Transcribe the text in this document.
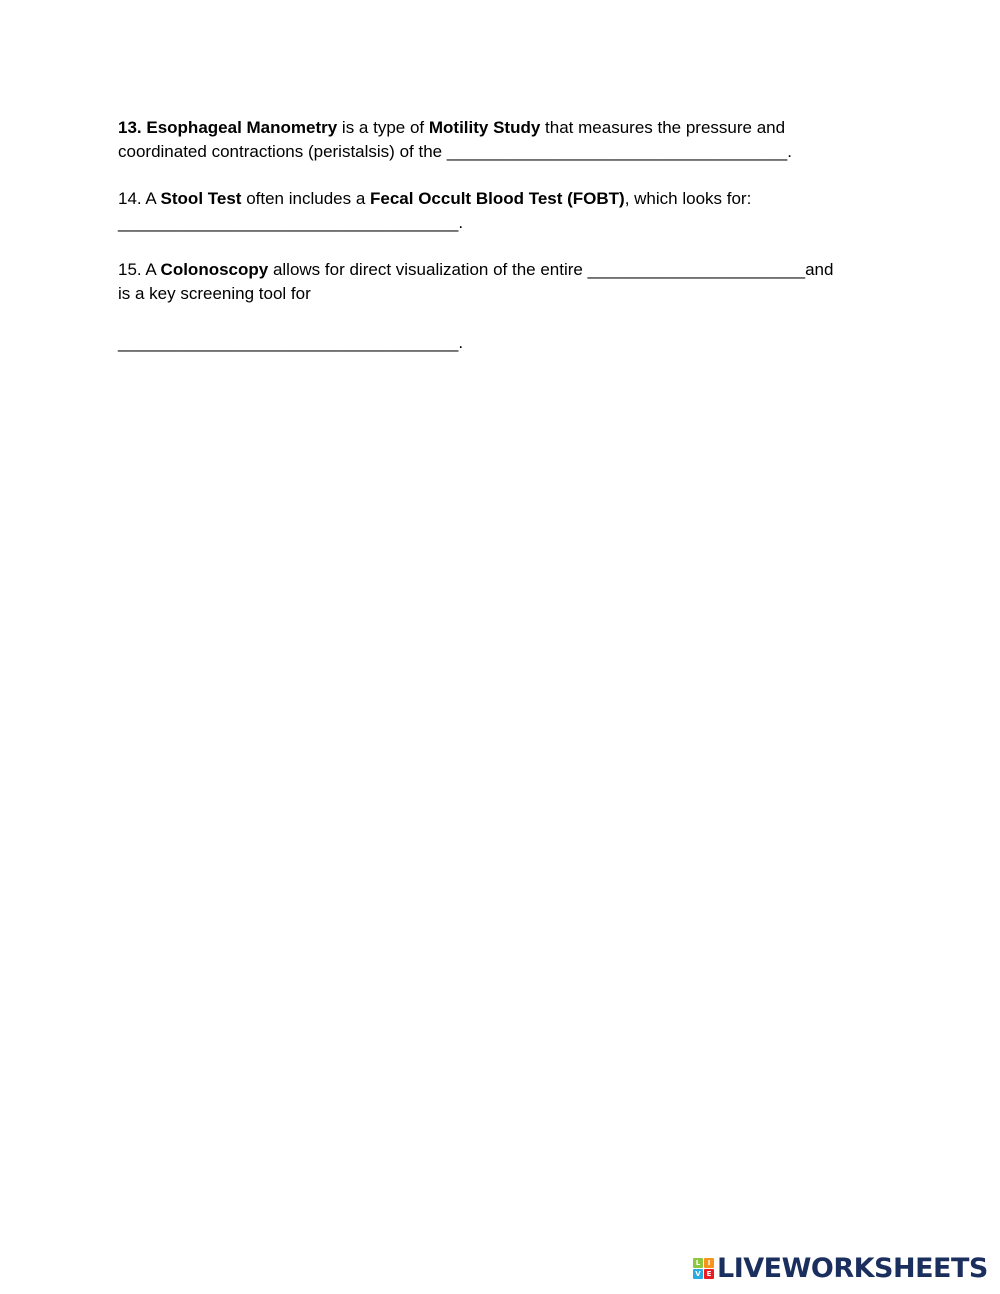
13. Esophageal Manometry is a type of Motility Study that measures the pressure and
coordinated contractions (peristalsis) of the ____________________________________.
14. A Stool Test often includes a Fecal Occult Blood Test (FOBT), which looks for:
____________________________________.
15. A Colonoscopy allows for direct visualization of the entire _______________________and
is a key screening tool for
____________________________________.
L	I
V E LIVEWORKSHEETS
